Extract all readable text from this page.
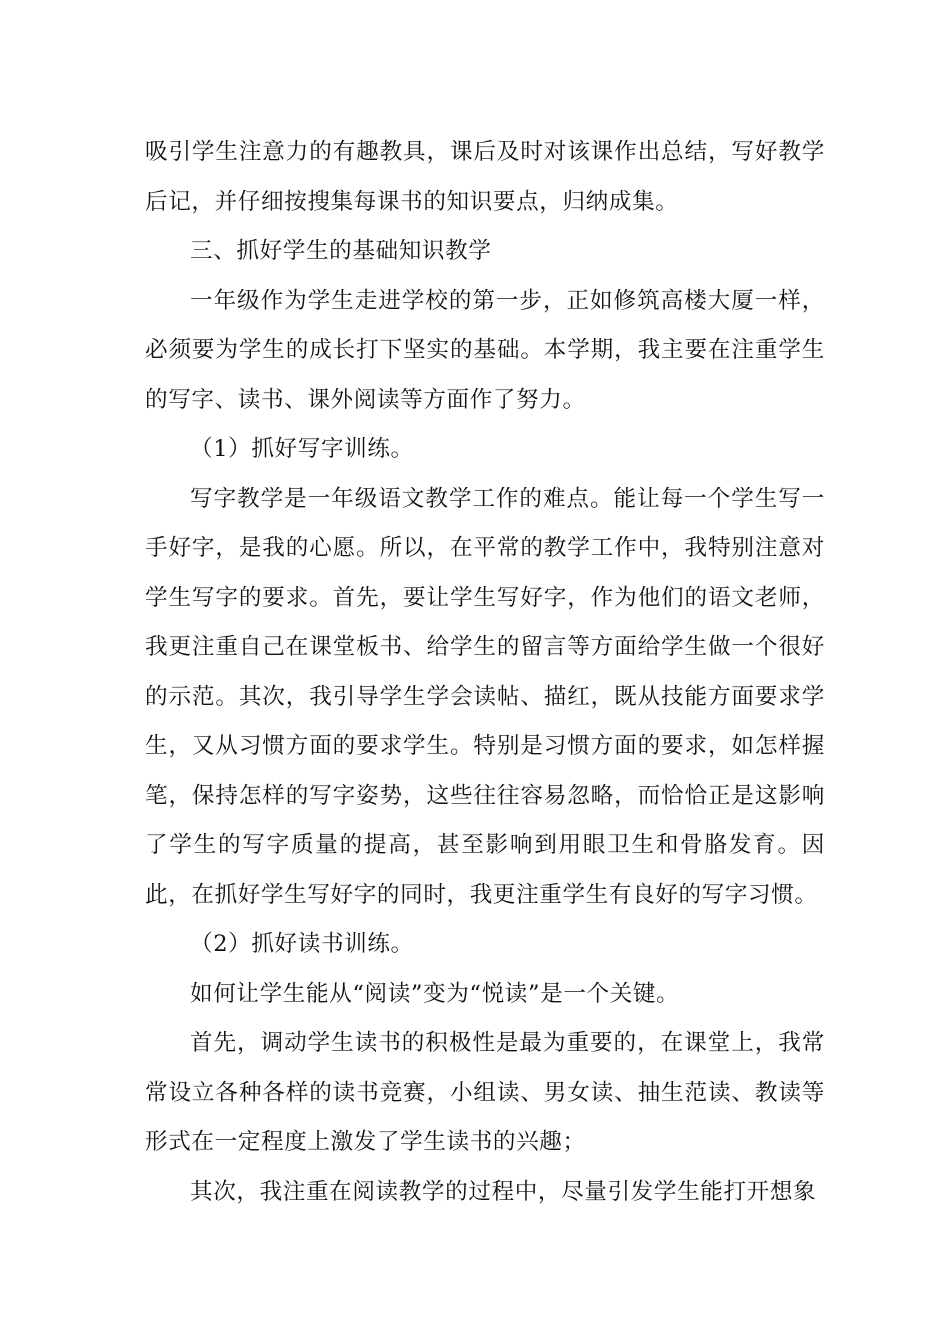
吸引学生注意力的有趣教具，课后及时对该课作出总结，写好教学后记，并仔细按搜集每课书的知识要点，归纳成集。

三、抓好学生的基础知识教学

一年级作为学生走进学校的第一步，正如修筑高楼大厦一样，必须要为学生的成长打下坚实的基础。本学期，我主要在注重学生的写字、读书、课外阅读等方面作了努力。

（1）抓好写字训练。

写字教学是一年级语文教学工作的难点。能让每一个学生写一手好字，是我的心愿。所以，在平常的教学工作中，我特别注意对学生写字的要求。首先，要让学生写好字，作为他们的语文老师，我更注重自己在课堂板书、给学生的留言等方面给学生做一个很好的示范。其次，我引导学生学会读帖、描红，既从技能方面要求学生，又从习惯方面的要求学生。特别是习惯方面的要求，如怎样握笔，保持怎样的写字姿势，这些往往容易忽略，而恰恰正是这影响了学生的写字质量的提高，甚至影响到用眼卫生和骨胳发育。因此，在抓好学生写好字的同时，我更注重学生有良好的写字习惯。

（2）抓好读书训练。

如何让学生能从“阅读”变为“悦读”是一个关键。

首先，调动学生读书的积极性是最为重要的，在课堂上，我常常设立各种各样的读书竞赛，小组读、男女读、抽生范读、教读等形式在一定程度上激发了学生读书的兴趣；

其次，我注重在阅读教学的过程中，尽量引发学生能打开想象
